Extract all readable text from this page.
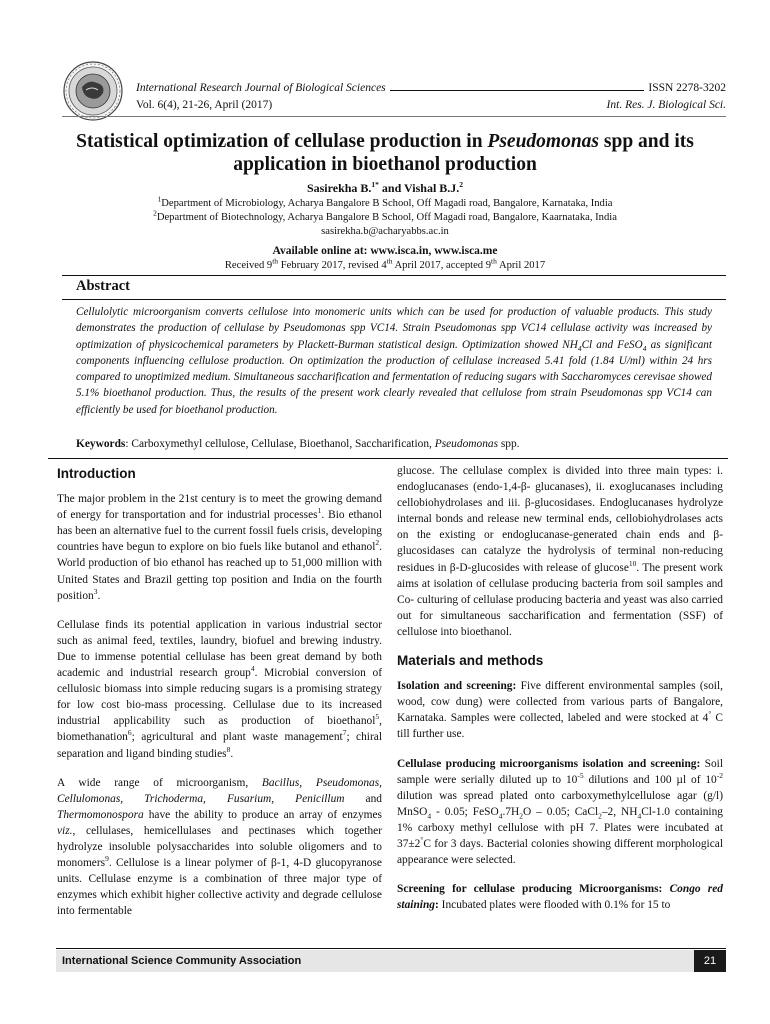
International Research Journal of Biological Sciences	ISSN 2278-3202
Vol. 6(4), 21-26, April (2017)	Int. Res. J. Biological Sci.
Statistical optimization of cellulase production in Pseudomonas spp and its application in bioethanol production
Sasirekha B.$^{1*}$ and Vishal B.J.$^2$
$^1$Department of Microbiology, Acharya Bangalore B School, Off Magadi road, Bangalore, Karnataka, India
$^2$Department of Biotechnology, Acharya Bangalore B School, Off Magadi road, Bangalore, Kaarnataka, India
sasirekha.b@acharyabbs.ac.in
Available online at: www.isca.in, www.isca.me
Received 9th February 2017, revised 4th April 2017, accepted 9th April 2017
Abstract
Cellulolytic microorganism converts cellulose into monomeric units which can be used for production of valuable products. This study demonstrates the production of cellulase by Pseudomonas spp VC14. Strain Pseudomonas spp VC14 cellulase activity was increased by optimization of physicochemical parameters by Plackett-Burman statistical design. Optimization showed $NH_4Cl$ and FeSO$_4$ as significant components influencing cellulose production. On optimization the production of cellulase increased 5.41 fold (1.84 U/ml) within 24 hrs compared to unoptimized medium. Simultaneous saccharification and fermentation of reducing sugars with Saccharomyces cerevisae showed 5.1% bioethanol production. Thus, the results of the present work clearly revealed that cellulose from strain Pseudomonas spp VC14 can efficiently be used for bioethanol production.
Keywords: Carboxymethyl cellulose, Cellulase, Bioethanol, Saccharification, Pseudomonas spp.
Introduction

The major problem in the 21st century is to meet the growing demand of energy for transportation and for industrial processes$^1$. Bio ethanol has been an alternative fuel to the current fossil fuels crisis, developing countries have begun to explore on bio fuels like butanol and ethanol$^2$. World production of bio ethanol has reached up to 51,000 million with United States and Brazil getting top position and India on the fourth position$^3$.

Cellulase finds its potential application in various industrial sector such as animal feed, textiles, laundry, biofuel and brewing industry. Due to immense potential cellulase has been great demand by both academic and industrial research group$^4$. Microbial conversion of cellulosic biomass into simple reducing sugars is a promising strategy for low cost bio-mass processing. Cellulase due to its increased industrial applicability such as production of bioethanol$^5$, biomethanation$^6$; agricultural and plant waste management$^7$; chiral separation and ligand binding studies$^8$.

A wide range of microorganism, Bacillus, Pseudomonas, Cellulomonas, Trichoderma, Fusarium, Penicillum and Thermomonospora have the ability to produce an array of enzymes viz., cellulases, hemicellulases and pectinases which together hydrolyze insoluble polysaccharides into soluble oligomers and to monomers$^9$. Cellulose is a linear polymer of β-1, 4-D glucopyranose units. Cellulase enzyme is a combination of three major type of enzymes which exhibit higher collective activity and degrade cellulose into fermentable

glucose. The cellulase complex is divided into three main types: i. endoglucanases (endo-1,4-β- glucanases), ii. exoglucanases including cellobiohydrolases and iii. β-glucosidases. Endoglucanases hydrolyze internal bonds and release new terminal ends, cellobiohydrolases acts on the existing or endoglucanase-generated chain ends and β-glucosidases can catalyze the hydrolysis of terminal non-reducing residues in β-D-glucosides with release of glucose$^{10}$. The present work aims at isolation of cellulase producing bacteria from soil samples and Co- culturing of cellulase producing bacteria and yeast was also carried out for simultaneous saccharification and fermentation (SSF) of cellulose into bioethanol.

Materials and methods

Isolation and screening: Five different environmental samples (soil, wood, cow dung) were collected from various parts of Bangalore, Karnataka. Samples were collected, labeled and were stocked at 4° C till further use.

Cellulase producing microorganisms isolation and screening: Soil sample were serially diluted up to $10^{-5}$ dilutions and 100 µl of $10^{-2}$ dilution was spread plated onto carboxymethylcellulose agar (g/l) MnSO$_4$ - 0.05; $FeSO_4.7H_2O - 0.05$; CaCl$_2$–2, $NH_4Cl-1.0$ containing 1% carboxy methyl cellulose with pH 7. Plates were incubated at 37±2°C for 3 days. Bacterial colonies showing different morphological appearance were selected.

Screening for cellulase producing Microorganisms: Congo red staining: Incubated plates were flooded with 0.1% for 15 to

International Science Community Association	21
